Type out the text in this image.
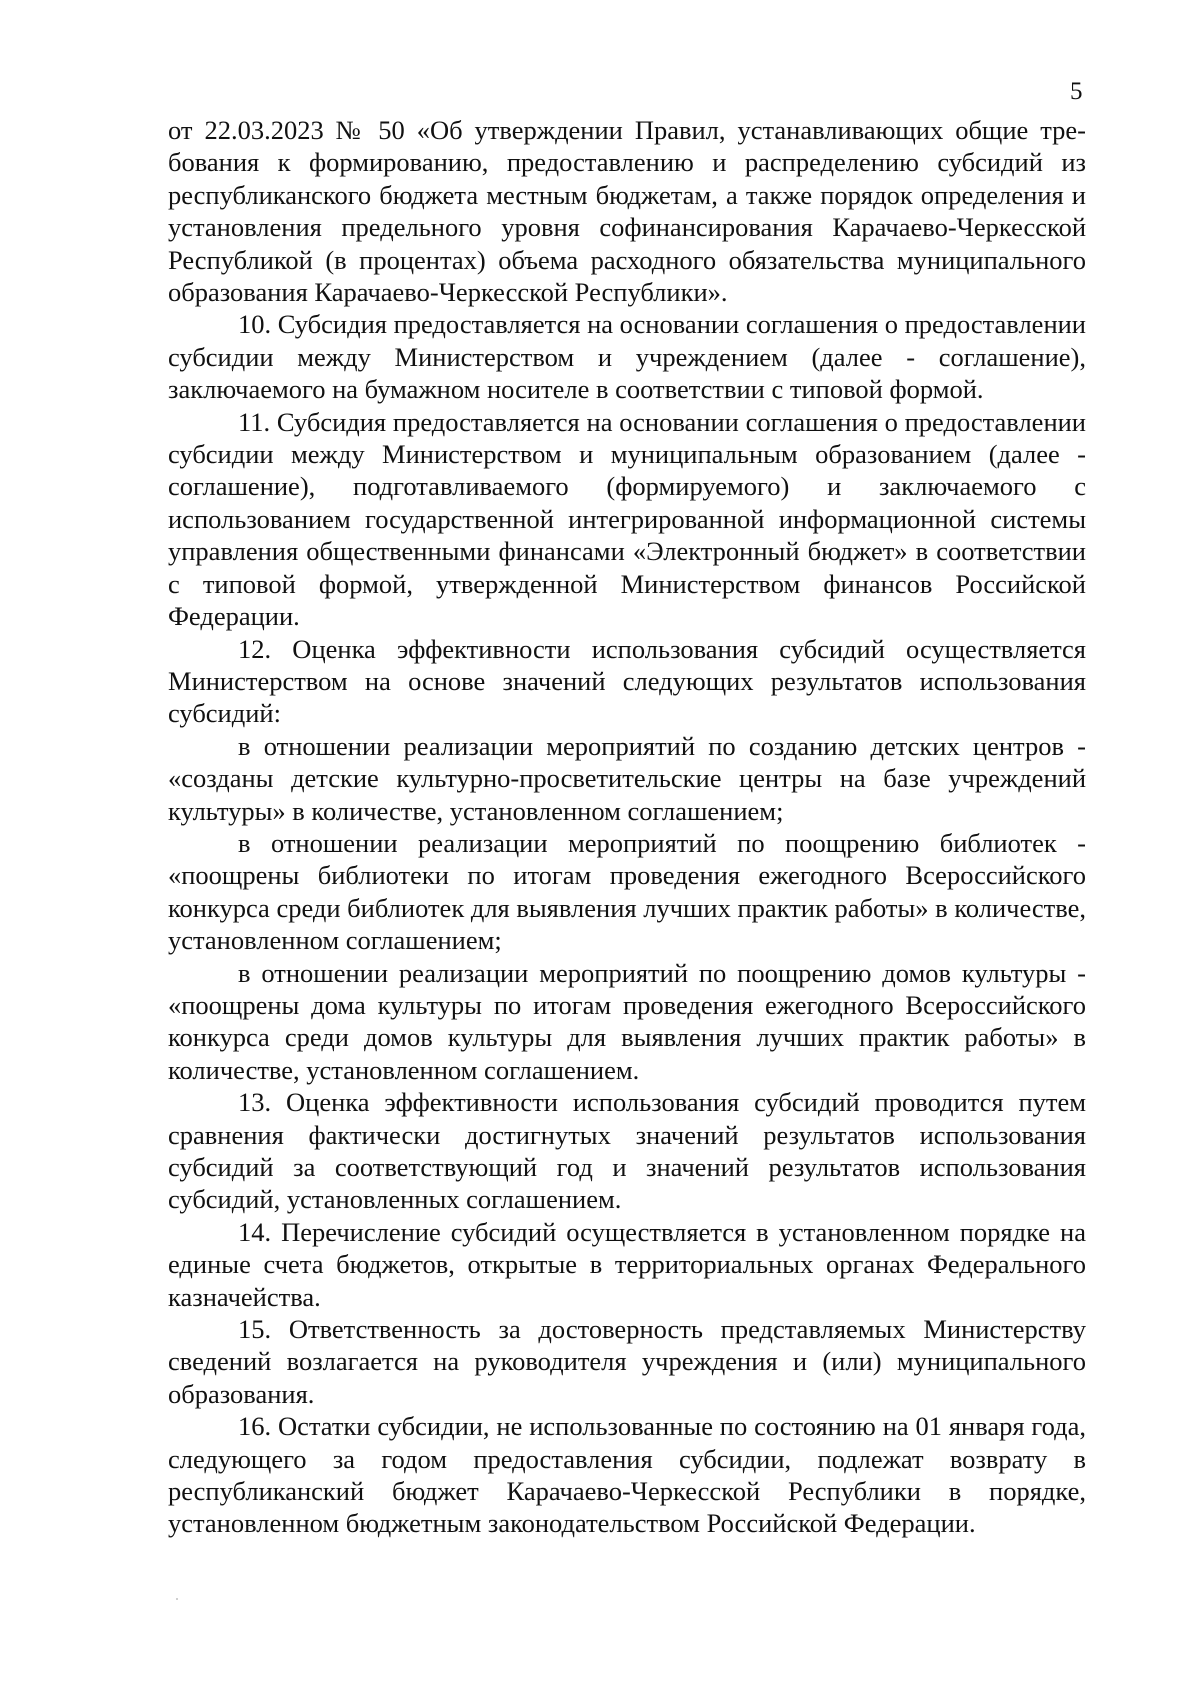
5

от 22.03.2023 № 50 «Об утверждении Правил, устанавливающих общие требования к формированию, предоставлению и распределению субсидий из республиканского бюджета местным бюджетам, а также порядок определения и установления предельного уровня софинансирования Карачаево-Черкесской Республикой (в процентах) объема расходного обязательства муниципального образования Карачаево-Черкесской Республики».

10. Субсидия предоставляется на основании соглашения о предоставлении субсидии между Министерством и учреждением (далее - соглашение), заключаемого на бумажном носителе в соответствии с типовой формой.

11. Субсидия предоставляется на основании соглашения о предоставлении субсидии между Министерством и муниципальным образованием (далее - соглашение), подготавливаемого (формируемого) и заключаемого с использованием государственной интегрированной информационной системы управления общественными финансами «Электронный бюджет» в соответствии с типовой формой, утвержденной Министерством финансов Российской Федерации.

12. Оценка эффективности использования субсидий осуществляется Министерством на основе значений следующих результатов использования субсидий:

в отношении реализации мероприятий по созданию детских центров - «созданы детские культурно-просветительские центры на базе учреждений культуры» в количестве, установленном соглашением;

в отношении реализации мероприятий по поощрению библиотек - «поощрены библиотеки по итогам проведения ежегодного Всероссийского конкурса среди библиотек для выявления лучших практик работы» в количестве, установленном соглашением;

в отношении реализации мероприятий по поощрению домов культуры - «поощрены дома культуры по итогам проведения ежегодного Всероссийского конкурса среди домов культуры для выявления лучших практик работы» в количестве, установленном соглашением.

13. Оценка эффективности использования субсидий проводится путем сравнения фактически достигнутых значений результатов использования субсидий за соответствующий год и значений результатов использования субсидий, установленных соглашением.

14. Перечисление субсидий осуществляется в установленном порядке на единые счета бюджетов, открытые в территориальных органах Федерального казначейства.

15. Ответственность за достоверность представляемых Министерству сведений возлагается на руководителя учреждения и (или) муниципального образования.

16. Остатки субсидии, не использованные по состоянию на 01 января года, следующего за годом предоставления субсидии, подлежат возврату в республиканский бюджет Карачаево-Черкесской Республики в порядке, установленном бюджетным законодательством Российской Федерации.
